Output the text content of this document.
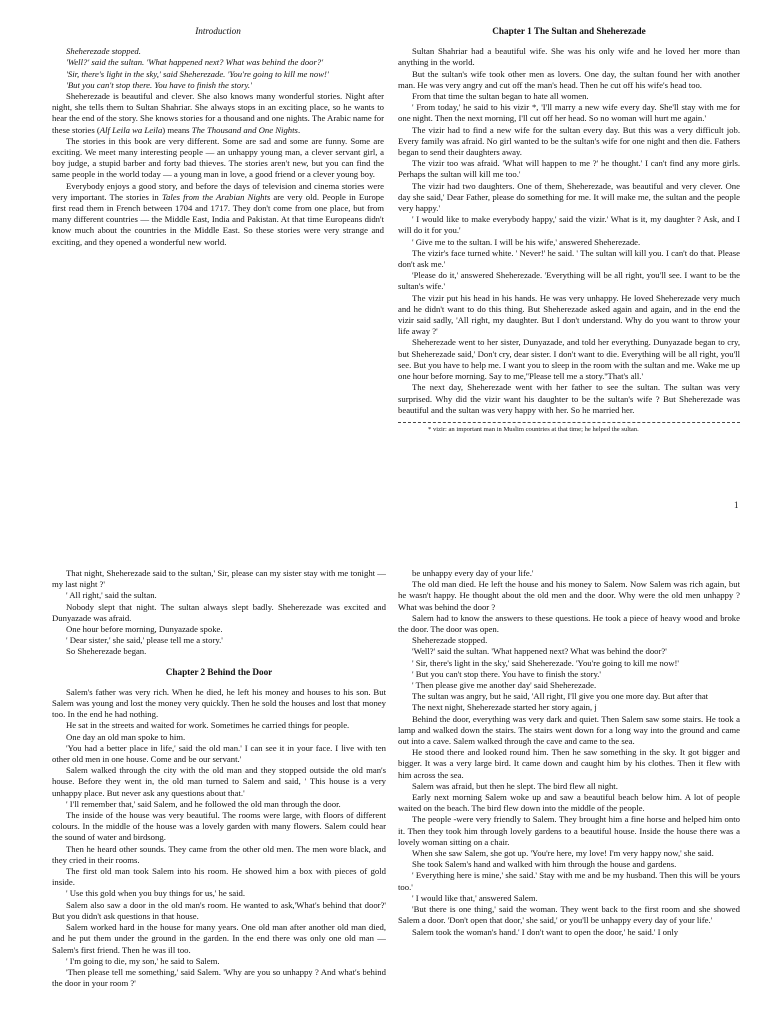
Introduction

Sheherezade stopped.

'Well?' said the sultan. 'What happened next? What was behind the door?'

'Sir, there's light in the sky,' said Sheherezade. 'You're going to kill me now!'

'But you can't stop there. You have to finish the story.'

Sheherezade is beautiful and clever. She also knows many wonderful stories. Night after night, she tells them to Sultan Shahriar. She always stops in an exciting place, so he wants to hear the end of the story. She knows stories for a thousand and one nights. The Arabic name for these stories (Alf Leila wa Leila) means The Thousand and One Nights.

The stories in this book are very different. Some are sad and some are funny. Some are exciting. We meet many interesting people — an unhappy young man, a clever servant girl, a boy judge, a stupid barber and forty bad thieves. The stories aren't new, but you can find the same people in the world today — a young man in love, a good friend or a clever young boy.

Everybody enjoys a good story, and before the days of television and cinema stories were very important. The stories in Tales from the Arabian Nights are very old. People in Europe first read them in French between 1704 and 1717. They don't come from one place, but from many different countries — the Middle East, India and Pakistan. At that time Europeans didn't know much about the countries in the Middle East. So these stories were very strange and exciting, and they opened a wonderful new world.

Chapter 1 The Sultan and Sheherezade

Sultan Shahriar had a beautiful wife. She was his only wife and he loved her more than anything in the world.

But the sultan's wife took other men as lovers. One day, the sultan found her with another man. He was very angry and cut off the man's head. Then he cut off his wife's head too.

From that time the sultan began to hate all women.

' From today,' he said to his vizir *, 'I'll marry a new wife every day. She'll stay with me for one night. Then the next morning, I'll cut off her head. So no woman will hurt me again.'

The vizir had to find a new wife for the sultan every day. But this was a very difficult job. Every family was afraid. No girl wanted to be the sultan's wife for one night and then die. Fathers began to send their daughters away.

The vizir too was afraid. 'What will happen to me ?' he thought.' I can't find any more girls. Perhaps the sultan will kill me too.'

The vizir had two daughters. One of them, Sheherezade, was beautiful and very clever. One day she said,' Dear Father, please do something for me. It will make me, the sultan and the people very happy.'

' I would like to make everybody happy,' said the vizir.' What is it, my daughter ? Ask, and I will do it for you.'

' Give me to the sultan. I will be his wife,' answered Sheherezade.

The vizir's face turned white. ' Never!' he said. ' The sultan will kill you. I can't do that. Please don't ask me.'

'Please do it,' answered Sheherezade. 'Everything will be all right, you'll see. I want to be the sultan's wife.'

The vizir put his head in his hands. He was very unhappy. He loved Sheherezade very much and he didn't want to do this thing. But Sheherezade asked again and again, and in the end the vizir said sadly, 'All right, my daughter. But I don't understand. Why do you want to throw your life away ?'

Sheherezade went to her sister, Dunyazade, and told her everything. Dunyazade began to cry, but Sheherezade said,' Don't cry, dear sister. I don't want to die. Everything will be all right, you'll see. But you have to help me. I want you to sleep in the room with the sultan and me. Wake me up one hour before morning. Say to me,''Please tell me a story.''That's all.'

The next day, Sheherezade went with her father to see the sultan. The sultan was very surprised. Why did the vizir want his daughter to be the sultan's wife ? But Sheherezade was beautiful and the sultan was very happy with her. So he married her.

* vizir: an important man in Muslim countries at that time; he helped the sultan.

1

That night, Sheherezade said to the sultan,' Sir, please can my sister stay with me tonight — my last night ?'

' All right,' said the sultan.

Nobody slept that night. The sultan always slept badly. Sheherezade was excited and Dunyazade was afraid.

One hour before morning, Dunyazade spoke.

' Dear sister,' she said,' please tell me a story.'

So Sheherezade began.

Chapter 2 Behind the Door

Salem's father was very rich. When he died, he left his money and houses to his son. But Salem was young and lost the money very quickly. Then he sold the houses and lost that money too. In the end he had nothing.

He sat in the streets and waited for work. Sometimes he carried things for people.

One day an old man spoke to him.

'You had a better place in life,' said the old man.' I can see it in your face. I live with ten other old men in one house. Come and be our servant.'

Salem walked through the city with the old man and they stopped outside the old man's house. Before they went in, the old man turned to Salem and said, ' This house is a very unhappy place. But never ask any questions about that.'

' I'll remember that,' said Salem, and he followed the old man through the door.

The inside of the house was very beautiful. The rooms were large, with floors of different colours. In the middle of the house was a lovely garden with many flowers. Salem could hear the sound of water and birdsong.

Then he heard other sounds. They came from the other old men. The men wore black, and they cried in their rooms.

The first old man took Salem into his room. He showed him a box with pieces of gold inside.

' Use this gold when you buy things for us,' he said.

Salem also saw a door in the old man's room. He wanted to ask,'What's behind that door?' But you didn't ask questions in that house.

Salem worked hard in the house for many years. One old man after another old man died, and he put them under the ground in the garden. In the end there was only one old man — Salem's first friend. Then he was ill too.

' I'm going to die, my son,' he said to Salem.

'Then please tell me something,' said Salem. 'Why are you so unhappy ? And what's behind the door in your room ?'

be unhappy every day of your life.'

The old man died. He left the house and his money to Salem. Now Salem was rich again, but he wasn't happy. He thought about the old men and the door. Why were the old men unhappy ? What was behind the door ?

Salem had to know the answers to these questions. He took a piece of heavy wood and broke the door. The door was open.

Sheherezade stopped.

'Well?' said the sultan. 'What happened next? What was behind the door?'

' Sir, there's light in the sky,' said Sheherezade. 'You're going to kill me now!'

' But you can't stop there. You have to finish the story.'

' Then please give me another day' said Sheherezade.

The sultan was angry, but he said, 'All right, I'll give you one more day. But after that

The next night, Sheherezade started her story again, j

Behind the door, everything was very dark and quiet. Then Salem saw some stairs. He took a lamp and walked down the stairs. The stairs went down for a long way into the ground and came out into a cave. Salem walked through the cave and came to the sea.

He stood there and looked round him. Then he saw something in the sky. It got bigger and bigger. It was a very large bird. It came down and caught him by his clothes. Then it flew with him across the sea.

Salem was afraid, but then he slept. The bird flew all night.

Early next morning Salem woke up and saw a beautiful beach below him. A lot of people waited on the beach. The bird flew down into the middle of the people.

The people -were very friendly to Salem. They brought him a fine horse and helped him onto it. Then they took him through lovely gardens to a beautiful house. Inside the house there was a lovely woman sitting on a chair.

When she saw Salem, she got up. 'You're here, my love! I'm very happy now,' she said.

She took Salem's hand and walked with him through the house and gardens.

' Everything here is mine,' she said.' Stay with me and be my husband. Then this will be yours too.'

' I would like that,' answered Salem.

'But there is one thing,' said the woman. They went back to the first room and she showed Salem a door. 'Don't open that door,' she said,' or you'll be unhappy every day of your life.'

Salem took the woman's hand.' I don't want to open the door,' he said.' I only
